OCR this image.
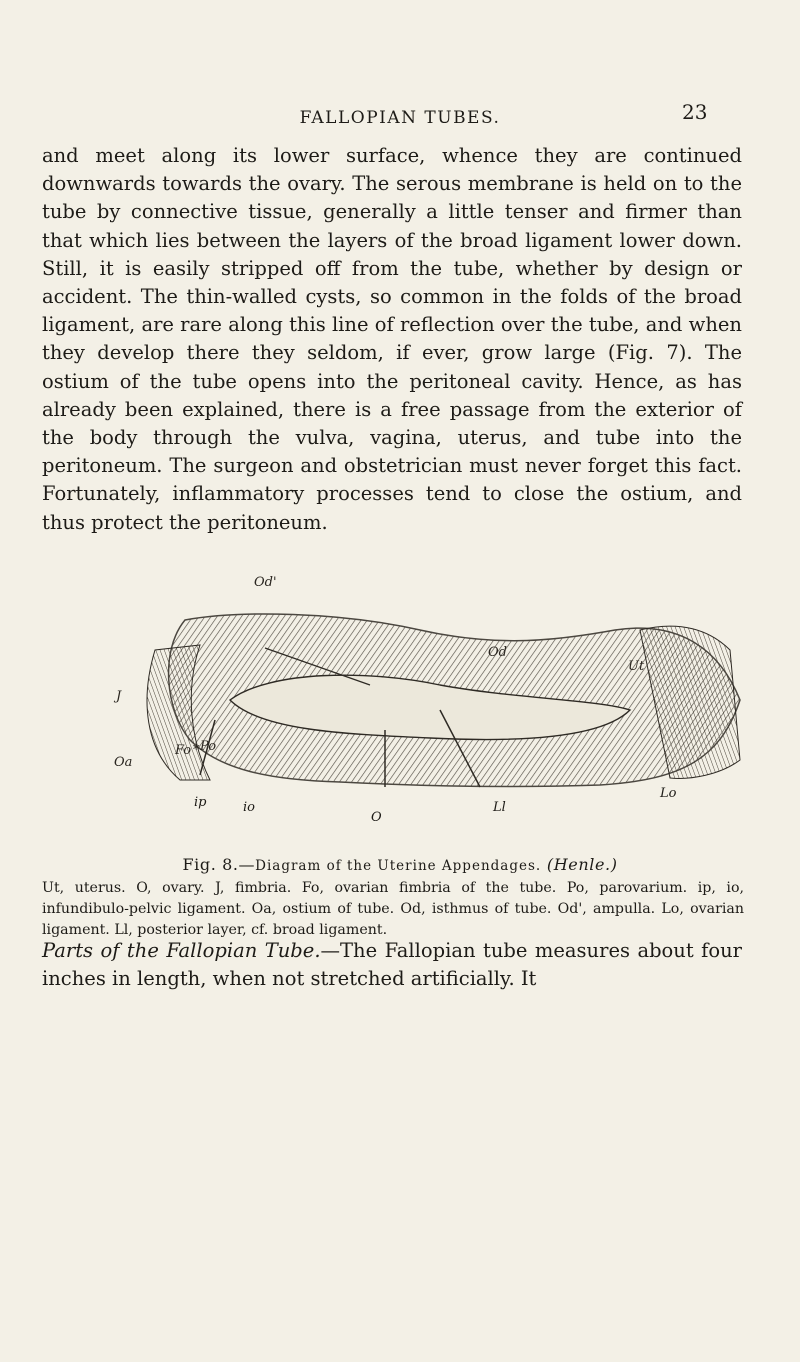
FALLOPIAN TUBES.	23
and meet along its lower surface, whence they are continued downwards towards the ovary. The serous membrane is held on to the tube by connective tissue, generally a little tenser and firmer than that which lies between the layers of the broad ligament lower down. Still, it is easily stripped off from the tube, whether by design or accident. The thin-walled cysts, so common in the folds of the broad ligament, are rare along this line of reflection over the tube, and when they develop there they seldom, if ever, grow large (Fig. 7). The ostium of the tube opens into the peritoneal cavity. Hence, as has already been explained, there is a free passage from the exterior of the body through the vulva, vagina, uterus, and tube into the peritoneum. The surgeon and obstetrician must never forget this fact. Fortunately, inflammatory processes tend to close the ostium, and thus protect the peritoneum.
Od'
Ut
Od
J
Fo * Po
Oa
ip	io
O
Ll
Lo
Fig. 8.—Diagram of the Uterine Appendages. (Henle.)
Ut, uterus. O, ovary. J, fimbria. Fo, ovarian fimbria of the tube. Po, parovarium. ip, io, infundibulo-pelvic ligament. Oa, ostium of tube. Od, isthmus of tube. Od', ampulla. Lo, ovarian ligament. Ll, posterior layer, cf. broad ligament.
Parts of the Fallopian Tube.—The Fallopian tube measures about four inches in length, when not stretched artificially. It
